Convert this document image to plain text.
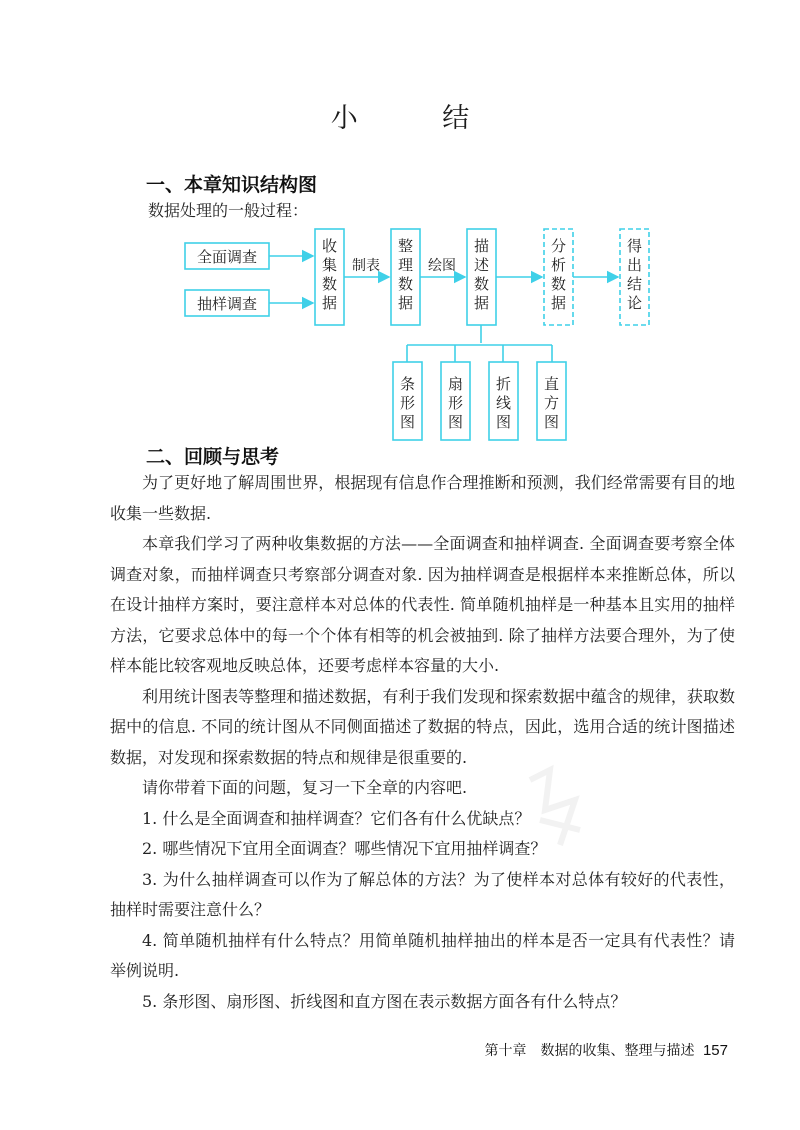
小 结
一、本章知识结构图
数据处理的一般过程：
全面调查
抽样调查
制表	绘图
收
集
数
据
整
理
数
据
描
述
数
据
分
析
数
据
得
出
结
论
条
形
图
扇
形
图
折
线
图
直
方
图
二、回顾与思考

为了更好地了解周围世界，根据现有信息作合理推断和预测，我们经常需要有目的地收集一些数据.

本章我们学习了两种收集数据的方法——全面调查和抽样调查. 全面调查要考察全体调查对象，而抽样调查只考察部分调查对象. 因为抽样调查是根据样本来推断总体，所以在设计抽样方案时，要注意样本对总体的代表性. 简单随机抽样是一种基本且实用的抽样方法，它要求总体中的每一个个体有相等的机会被抽到. 除了抽样方法要合理外，为了使样本能比较客观地反映总体，还要考虑样本容量的大小.

利用统计图表等整理和描述数据，有利于我们发现和探索数据中蕴含的规律，获取数据中的信息. 不同的统计图从不同侧面描述了数据的特点，因此，选用合适的统计图描述数据，对发现和探索数据的特点和规律是很重要的.

请你带着下面的问题，复习一下全章的内容吧.

1. 什么是全面调查和抽样调查？它们各有什么优缺点？

2. 哪些情况下宜用全面调查？哪些情况下宜用抽样调查？

3. 为什么抽样调查可以作为了解总体的方法？为了使样本对总体有较好的代表性，抽样时需要注意什么？

4. 简单随机抽样有什么特点？用简单随机抽样抽出的样本是否一定具有代表性？请举例说明.

5. 条形图、扇形图、折线图和直方图在表示数据方面各有什么特点？

第十章　数据的收集、整理与描述 157
